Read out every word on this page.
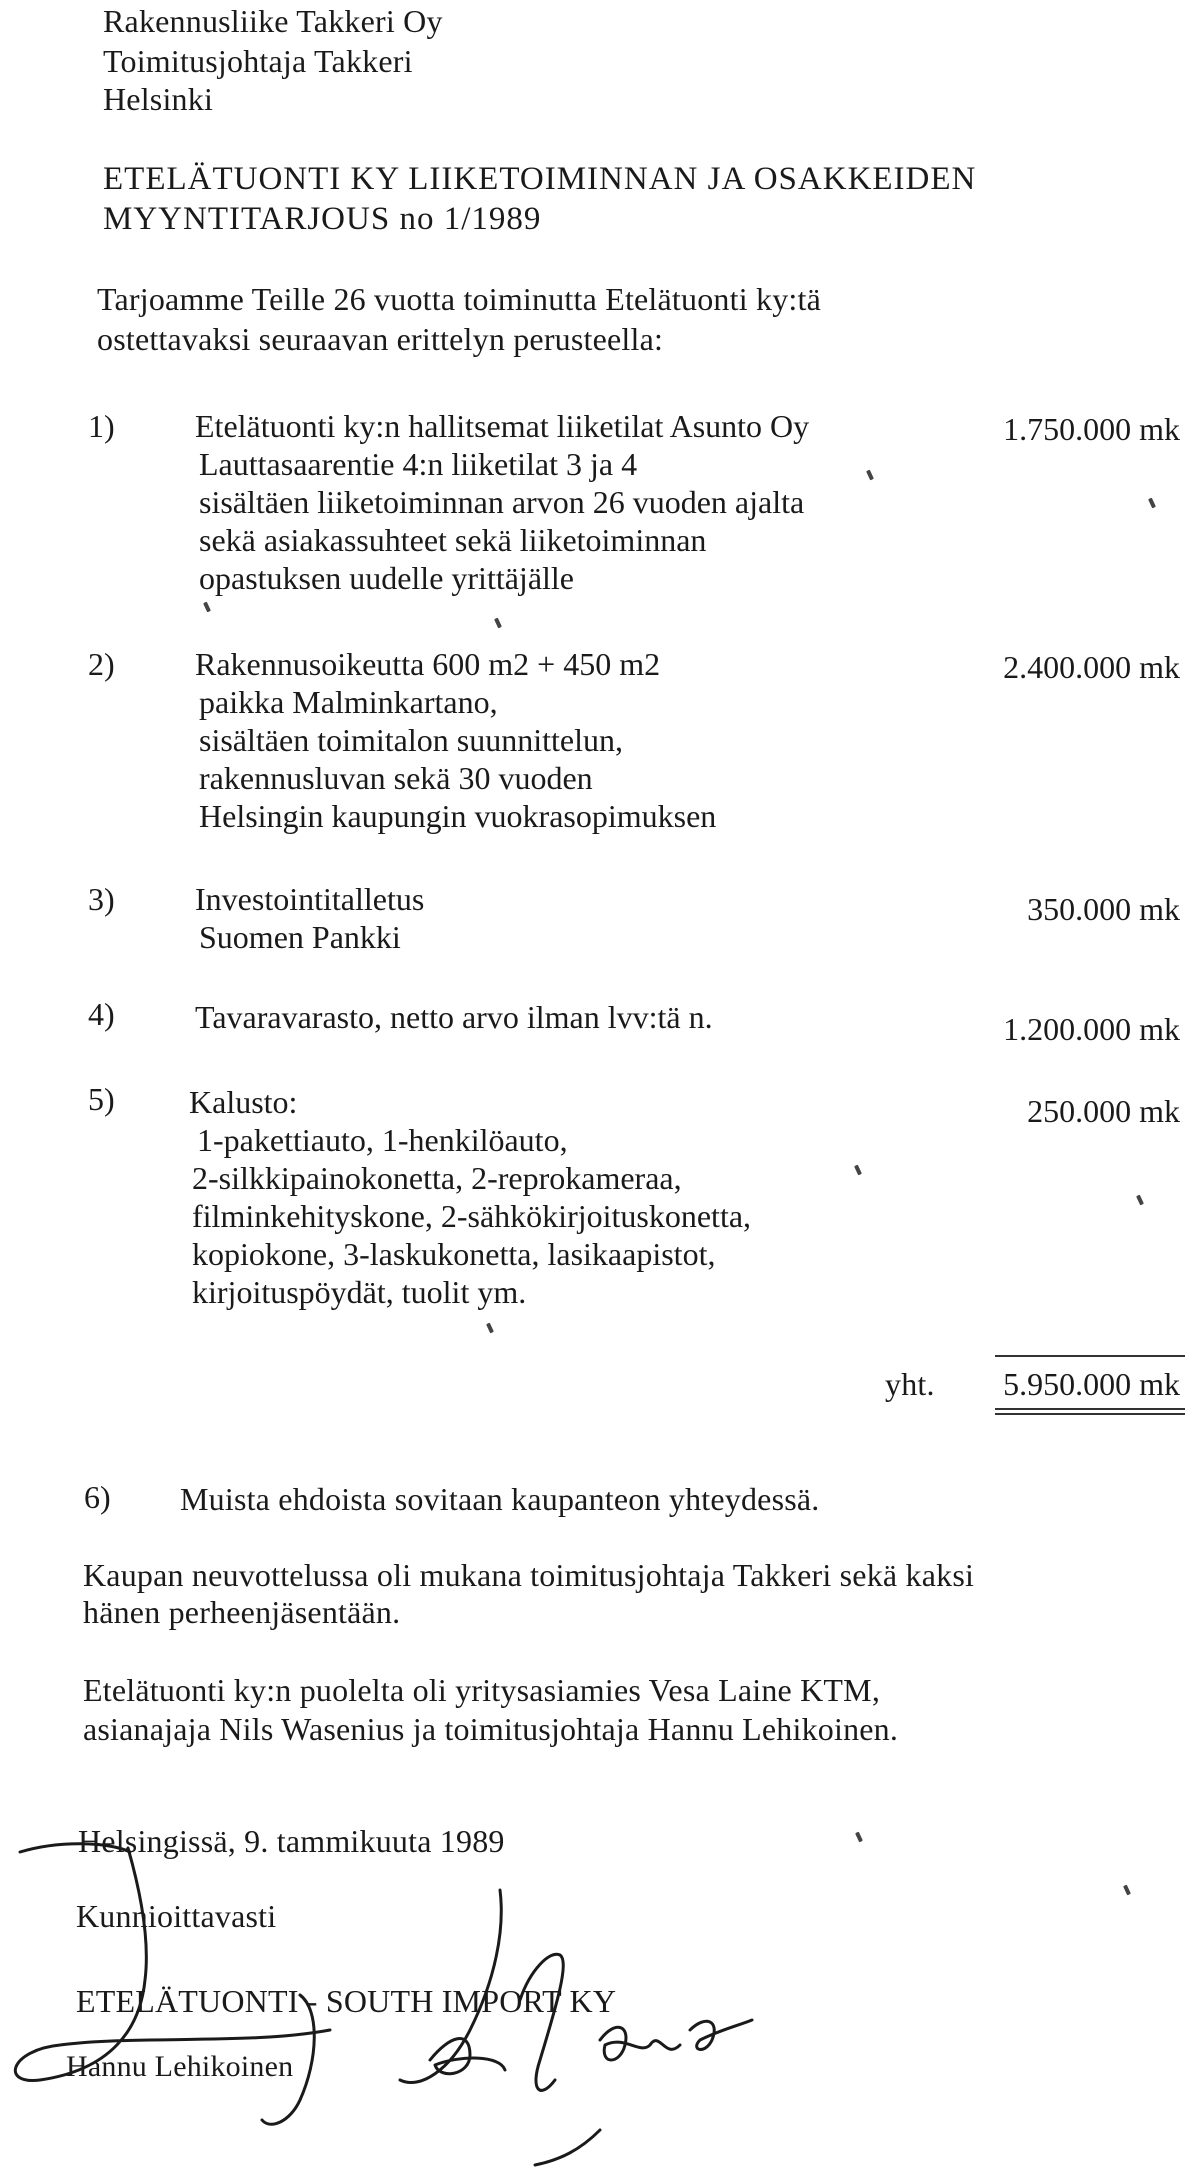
Rakennusliike Takkeri Oy
Toimitusjohtaja Takkeri
Helsinki
ETELÄTUONTI KY LIIKETOIMINNAN JA OSAKKEIDEN
MYYNTITARJOUS no 1/1989
Tarjoamme Teille 26 vuotta toiminutta Etelätuonti ky:tä
ostettavaksi seuraavan erittelyn perusteella:
1)	Etelätuonti ky:n hallitsemat liiketilat Asunto Oy
Lauttasaarentie 4:n liiketilat 3 ja 4
sisältäen liiketoiminnan arvon 26 vuoden ajalta
sekä asiakassuhteet sekä liiketoiminnan
opastuksen uudelle yrittäjälle
1.750.000 mk
2)	Rakennusoikeutta 600 m2 + 450 m2
paikka Malminkartano,
sisältäen toimitalon suunnittelun,
rakennusluvan sekä 30 vuoden
Helsingin kaupungin vuokrasopimuksen
2.400.000 mk
3)	Investointitalletus
Suomen Pankki
350.000 mk
4)	Tavaravarasto, netto arvo ilman lvv:tä n.	1.200.000 mk
5) Kalusto:
1-pakettiauto, 1-henkilöauto,
2-silkkipainokonetta, 2-reprokameraa,
filminkehityskone, 2-sähkökirjoituskonetta,
kopiokone, 3-laskukonetta, lasikaapistot,
kirjoituspöydät, tuolit ym.
250.000 mk
yht. 5.950.000 mk
6) Muista ehdoista sovitaan kaupanteon yhteydessä.
Kaupan neuvottelussa oli mukana toimitusjohtaja Takkeri sekä kaksi
hänen perheenjäsentään.
Etelätuonti ky:n puolelta oli yritysasiamies Vesa Laine KTM,
asianajaja Nils Wasenius ja toimitusjohtaja Hannu Lehikoinen.
Helsingissä, 9. tammikuuta 1989
Kunnioittavasti
ETELÄTUONTI - SOUTH IMPORT KY
Hannu Lehikoinen
